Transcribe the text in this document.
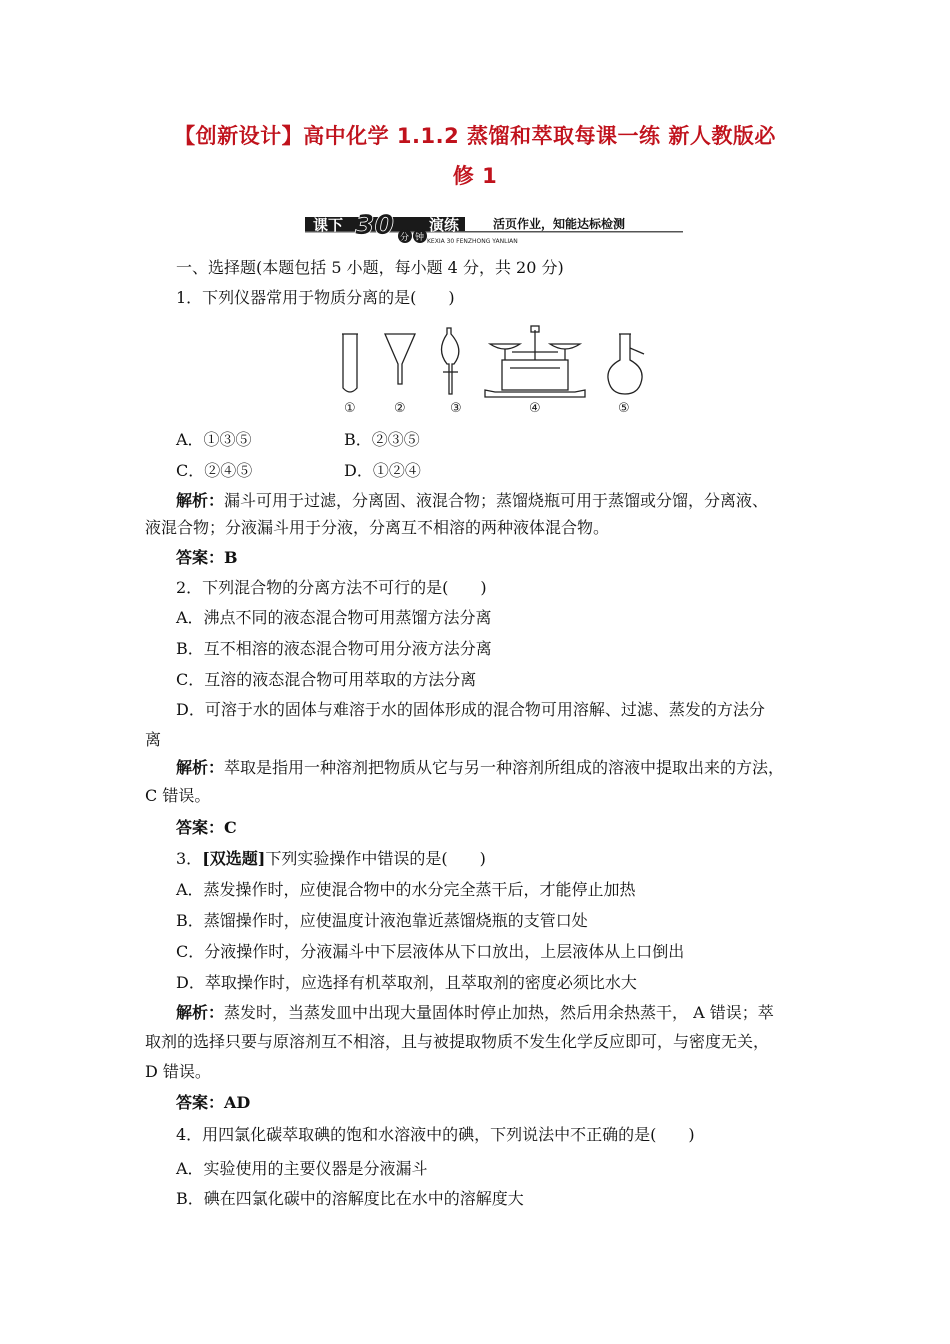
【创新设计】高中化学 1.1.2 蒸馏和萃取每课一练 新人教版必
修 1
课下 30 分 钟
演练
KEXIA 30 FENZHONG YANLIAN
活页作业，知能达标检测
一、选择题(本题包括 5 小题，每小题 4 分，共 20 分)
1．下列仪器常用于物质分离的是(　　)
①	②	③	④	⑤
A．①③⑤	B．②③⑤
C．②④⑤	D．①②④
解析：漏斗可用于过滤，分离固、液混合物；蒸馏烧瓶可用于蒸馏或分馏，分离液、
液混合物；分液漏斗用于分液，分离互不相溶的两种液体混合物。
答案：B
2．下列混合物的分离方法不可行的是(　　)
A．沸点不同的液态混合物可用蒸馏方法分离
B．互不相溶的液态混合物可用分液方法分离
C．互溶的液态混合物可用萃取的方法分离
D．可溶于水的固体与难溶于水的固体形成的混合物可用溶解、过滤、蒸发的方法分
离
解析：萃取是指用一种溶剂把物质从它与另一种溶剂所组成的溶液中提取出来的方法，
C 错误。
答案：C
3．[双选题]下列实验操作中错误的是(　　)
A．蒸发操作时，应使混合物中的水分完全蒸干后，才能停止加热
B．蒸馏操作时，应使温度计液泡靠近蒸馏烧瓶的支管口处
C．分液操作时，分液漏斗中下层液体从下口放出，上层液体从上口倒出
D．萃取操作时，应选择有机萃取剂，且萃取剂的密度必须比水大
解析：蒸发时，当蒸发皿中出现大量固体时停止加热，然后用余热蒸干， A 错误；萃
取剂的选择只要与原溶剂互不相溶，且与被提取物质不发生化学反应即可，与密度无关，
D 错误。
答案：AD
4．用四氯化碳萃取碘的饱和水溶液中的碘，下列说法中不正确的是(　　)
A．实验使用的主要仪器是分液漏斗
B．碘在四氯化碳中的溶解度比在水中的溶解度大
